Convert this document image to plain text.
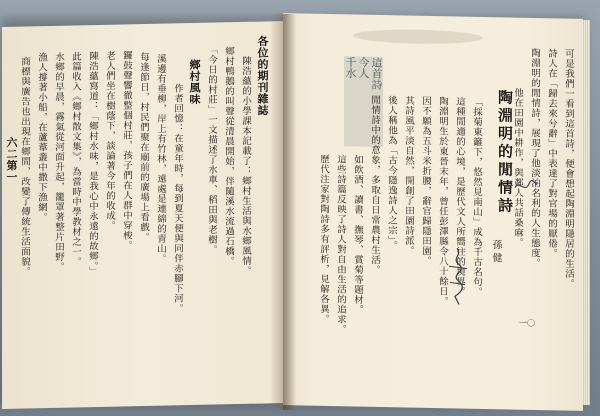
各位的期刊雜誌
陳浩蘊的小學課本記載了：鄉村生活與水鄉風情。
鄉村鴨鵝的叫聲從清晨開始，伴隨溪水流過石橋。
「今日的村莊」一文描述了水車、稻田與老樹。
鄉村風味
作者回憶：在童年時，每到夏天便與同伴赤腳下河。
溪邊有垂柳，岸上有竹林，遠處是連綿的青山。
每逢節日，村民們聚在廟前的廣場上看戲。
鑼鼓聲響徹整個村莊，孩子們在人群中穿梭。
老人們坐在樹蔭下，談論著今年的收成。
陳浩蘊寫道：「鄉村水味，是我心中永遠的故鄉。」
此篇收入《鄉村散文集》，為當時中學教材之一。
水鄉的早晨，霧氣從河面升起，籠罩著整片田野。
漁人撐著小船，在蘆葦叢中撒下漁網。
商標與廣告也出現在鄉間，改變了傳統生活面貌。
六二第一
這首詩
今人
千水	可是我們一看到這首詩，便會想起陶淵明隱居的生活。
詩人在「歸去來兮辭」中表達了對官場的厭倦。
陶淵明的閒情詩，展現了他淡泊名利的人生態度。
他在田園中耕作，與鄰人共話桑麻。
陶淵明的閒情詩
孫 健
「採菊東籬下，悠然見南山」成為千古名句。
這種閒適的心境，是歷代文人所嚮往的境界。
陶淵明生於東晉末年，曾任彭澤縣令八十餘日。
因不願為五斗米折腰，辭官歸隱田園。
其詩風平淡自然，開創了田園詩派。
後人稱他為「古今隱逸詩人之宗」。
閒情詩中的意象，多取自日常農村生活。
如飲酒、讀書、撫琴、賞菊等題材。
這些詩篇反映了詩人對自由生活的追求。
歷代注家對陶詩多有評析，見解各異。	一〇
